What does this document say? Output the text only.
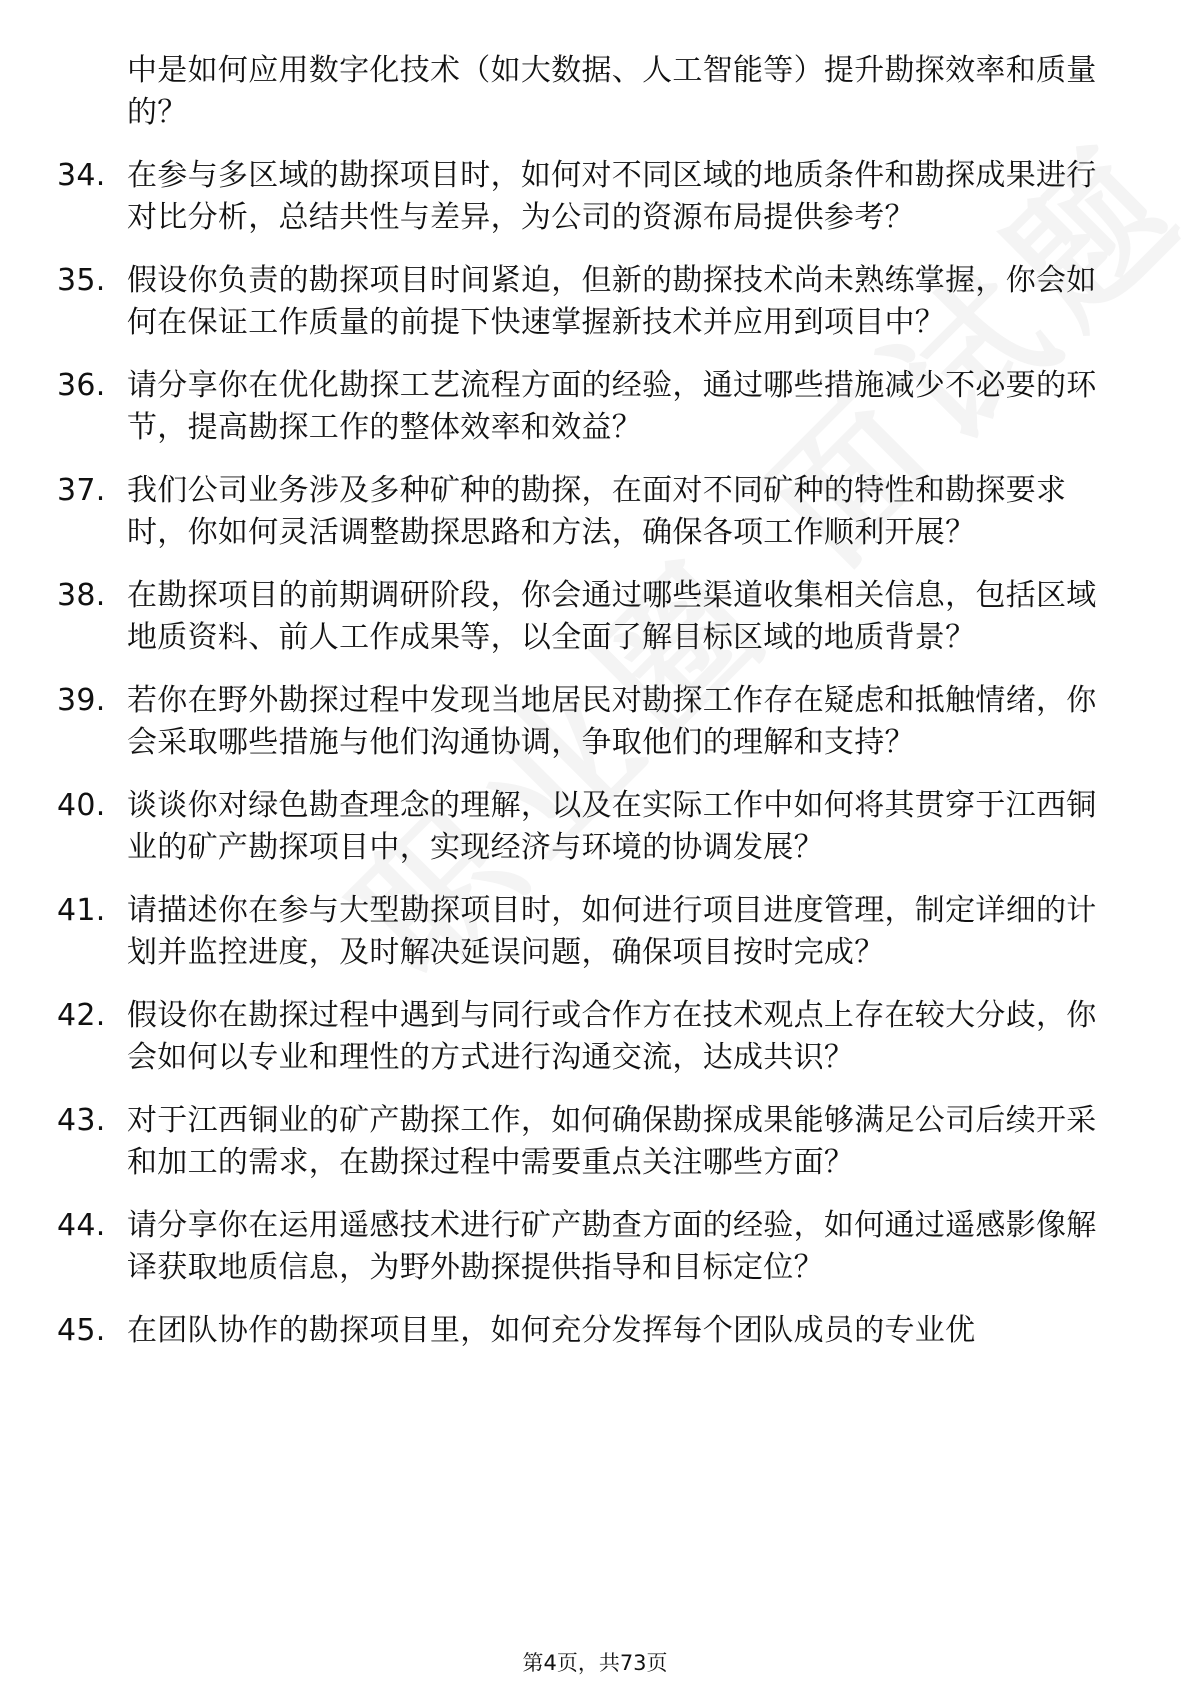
中是如何应用数字化技术（如大数据、人工智能等）提升勘探效率和质量的？
34. 在参与多区域的勘探项目时，如何对不同区域的地质条件和勘探成果进行对比分析，总结共性与差异，为公司的资源布局提供参考？
35. 假设你负责的勘探项目时间紧迫，但新的勘探技术尚未熟练掌握，你会如何在保证工作质量的前提下快速掌握新技术并应用到项目中？
36. 请分享你在优化勘探工艺流程方面的经验，通过哪些措施减少不必要的环节，提高勘探工作的整体效率和效益？
37. 我们公司业务涉及多种矿种的勘探，在面对不同矿种的特性和勘探要求时，你如何灵活调整勘探思路和方法，确保各项工作顺利开展？
38. 在勘探项目的前期调研阶段，你会通过哪些渠道收集相关信息，包括区域地质资料、前人工作成果等，以全面了解目标区域的地质背景？
39. 若你在野外勘探过程中发现当地居民对勘探工作存在疑虑和抵触情绪，你会采取哪些措施与他们沟通协调，争取他们的理解和支持？
40. 谈谈你对绿色勘查理念的理解，以及在实际工作中如何将其贯穿于江西铜业的矿产勘探项目中，实现经济与环境的协调发展？
41. 请描述你在参与大型勘探项目时，如何进行项目进度管理，制定详细的计划并监控进度，及时解决延误问题，确保项目按时完成？
42. 假设你在勘探过程中遇到与同行或合作方在技术观点上存在较大分歧，你会如何以专业和理性的方式进行沟通交流，达成共识？
43. 对于江西铜业的矿产勘探工作，如何确保勘探成果能够满足公司后续开采和加工的需求，在勘探过程中需要重点关注哪些方面？
44. 请分享你在运用遥感技术进行矿产勘查方面的经验，如何通过遥感影像解译获取地质信息，为野外勘探提供指导和目标定位？
45. 在团队协作的勘探项目里，如何充分发挥每个团队成员的专业优
第4页，共73页
